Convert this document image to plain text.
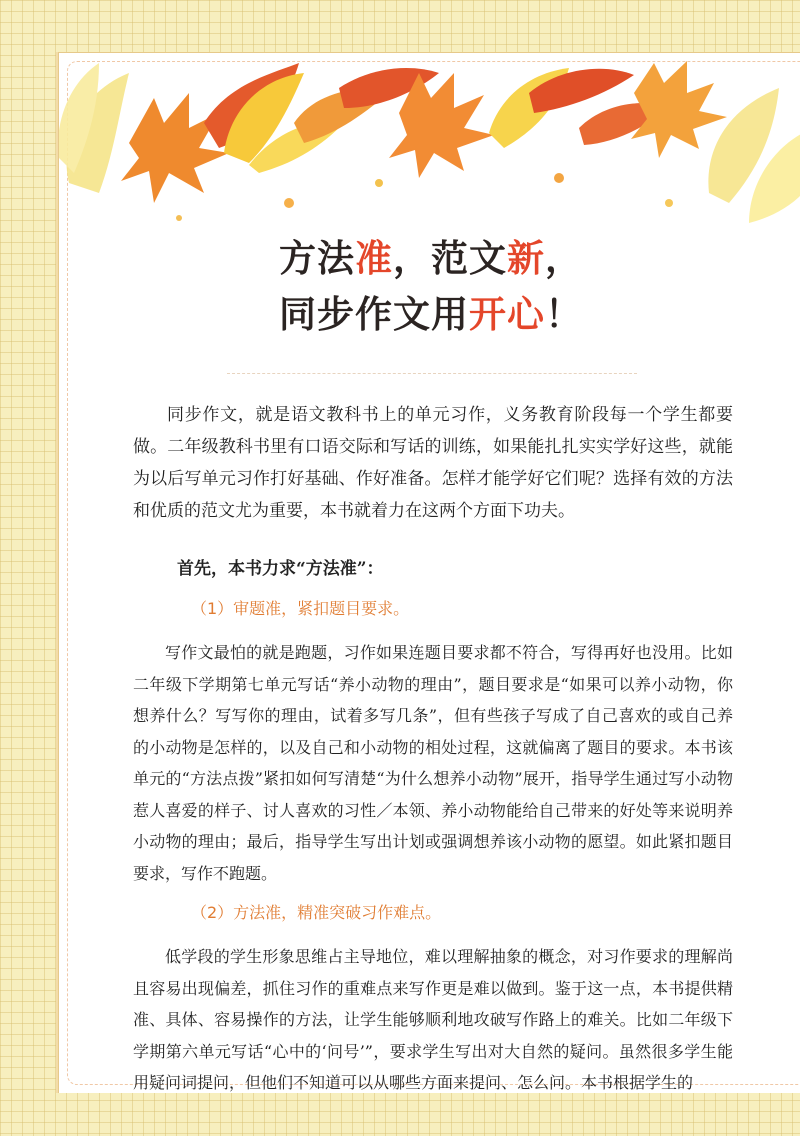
方法准，范文新，
同步作文用开心！

同步作文，就是语文教科书上的单元习作，义务教育阶段每一个学生都要做。二年级教科书里有口语交际和写话的训练，如果能扎扎实实学好这些，就能为以后写单元习作打好基础、作好准备。怎样才能学好它们呢？选择有效的方法和优质的范文尤为重要，本书就着力在这两个方面下功夫。

首先，本书力求“方法准”：

（1）审题准，紧扣题目要求。

写作文最怕的就是跑题，习作如果连题目要求都不符合，写得再好也没用。比如二年级下学期第七单元写话“养小动物的理由”，题目要求是“如果可以养小动物，你想养什么？写写你的理由，试着多写几条”，但有些孩子写成了自己喜欢的或自己养的小动物是怎样的，以及自己和小动物的相处过程，这就偏离了题目的要求。本书该单元的“方法点拨”紧扣如何写清楚“为什么想养小动物”展开，指导学生通过写小动物惹人喜爱的样子、讨人喜欢的习性／本领、养小动物能给自己带来的好处等来说明养小动物的理由；最后，指导学生写出计划或强调想养该小动物的愿望。如此紧扣题目要求，写作不跑题。

（2）方法准，精准突破习作难点。

低学段的学生形象思维占主导地位，难以理解抽象的概念，对习作要求的理解尚且容易出现偏差，抓住习作的重难点来写作更是难以做到。鉴于这一点，本书提供精准、具体、容易操作的方法，让学生能够顺利地攻破写作路上的难关。比如二年级下学期第六单元写话“心中的‘问号’”，要求学生写出对大自然的疑问。虽然很多学生能用疑问词提问，但他们不知道可以从哪些方面来提问、怎么问。本书根据学生的
